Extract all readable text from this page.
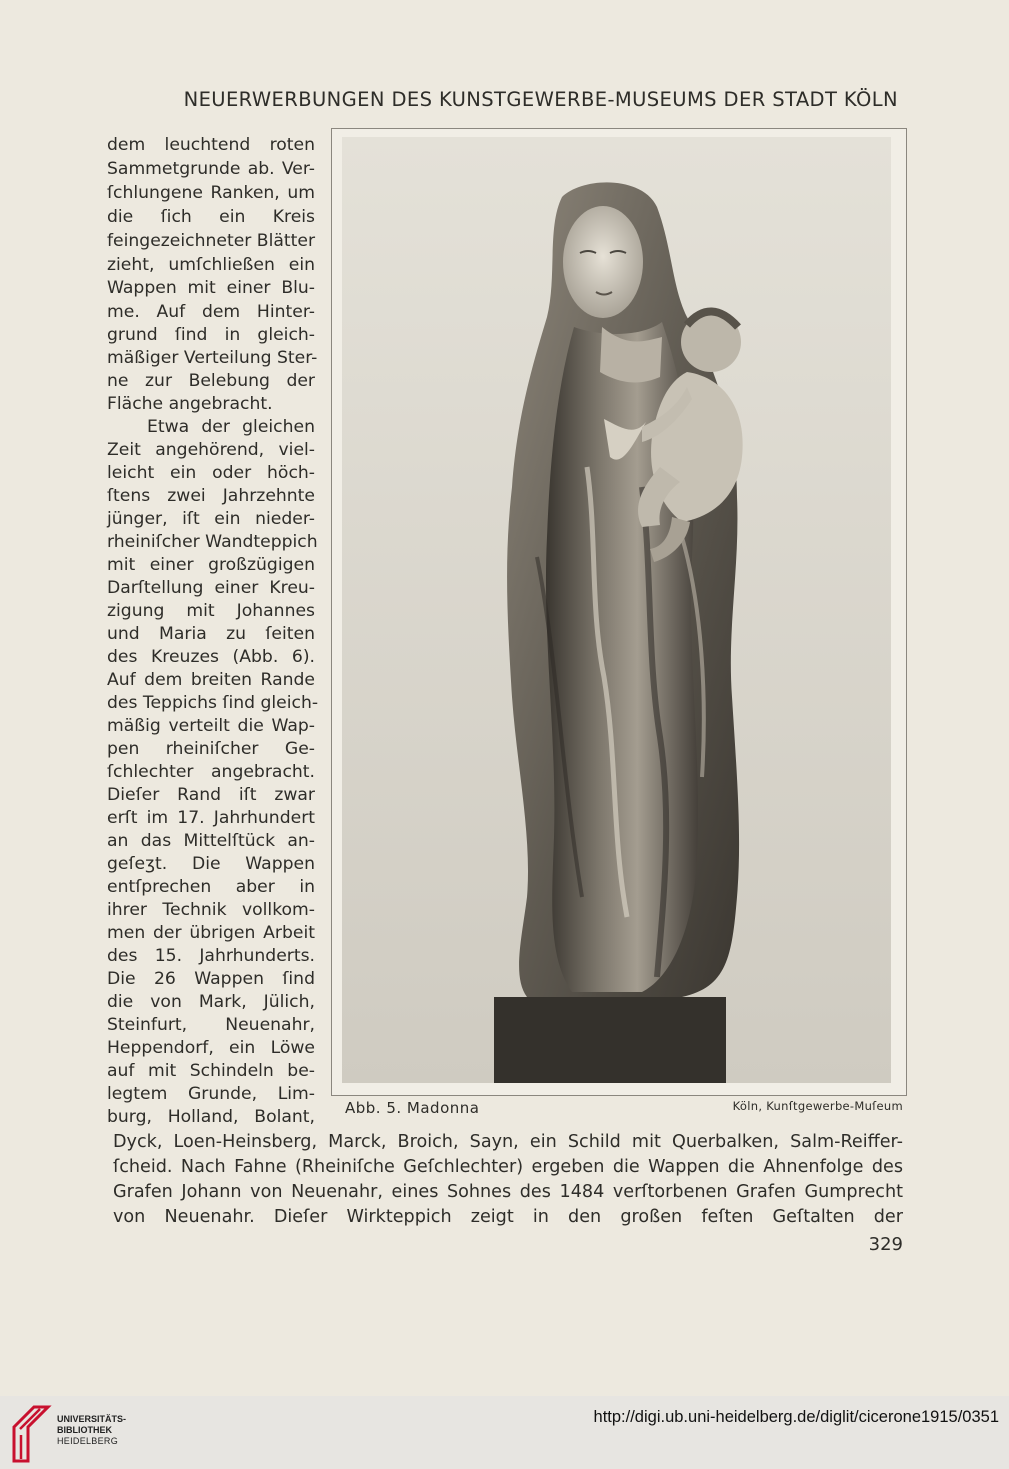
NEUERWERBUNGEN DES KUNSTGEWERBE-MUSEUMS DER STADT KÖLN
dem leuchtend roten
Sammetgrunde ab. Ver-
ſchlungene Ranken, um
die ſich ein Kreis
feingezeichneter Blätter
zieht, umſchließen ein
Wappen mit einer Blu-
me. Auf dem Hinter-
grund ſind in gleich-
mäßiger Verteilung Ster-
ne zur Belebung der
Fläche angebracht.
Etwa der gleichen
Zeit angehörend, viel-
leicht ein oder höch-
ſtens zwei Jahrzehnte
jünger, iſt ein nieder-
rheiniſcher Wandteppich
mit einer großzügigen
Darſtellung einer Kreu-
zigung mit Johannes
und Maria zu ſeiten
des Kreuzes (Abb. 6).
Auf dem breiten Rande
des Teppichs ſind gleich-
mäßig verteilt die Wap-
pen rheiniſcher Ge-
ſchlechter angebracht.
Dieſer Rand iſt zwar
erſt im 17. Jahrhundert
an das Mittelſtück an-
geſeʒt. Die Wappen
entſprechen aber in
ihrer Technik vollkom-
men der übrigen Arbeit
des 15. Jahrhunderts.
Die 26 Wappen ſind
die von Mark, Jülich,
Steinfurt, Neuenahr,
Heppendorf, ein Löwe
auf mit Schindeln be-
legtem Grunde, Lim-
burg, Holland, Bolant, Abb. 5. Madonna	Köln, Kunſtgewerbe-Muſeum
Dyck, Loen-Heinsberg, Marck, Broich, Sayn, ein Schild mit Querbalken, Salm-Reiffer-
ſcheid. Nach Fahne (Rheiniſche Geſchlechter) ergeben die Wappen die Ahnenfolge des
Grafen Johann von Neuenahr, eines Sohnes des 1484 verſtorbenen Grafen Gumprecht
von Neuenahr. Dieſer Wirkteppich zeigt in den großen feſten Geſtalten der
329
UNIVERSITÄTS-
BIBLIOTHEK
HEIDELBERG
http://digi.ub.uni-heidelberg.de/diglit/cicerone1915/0351
